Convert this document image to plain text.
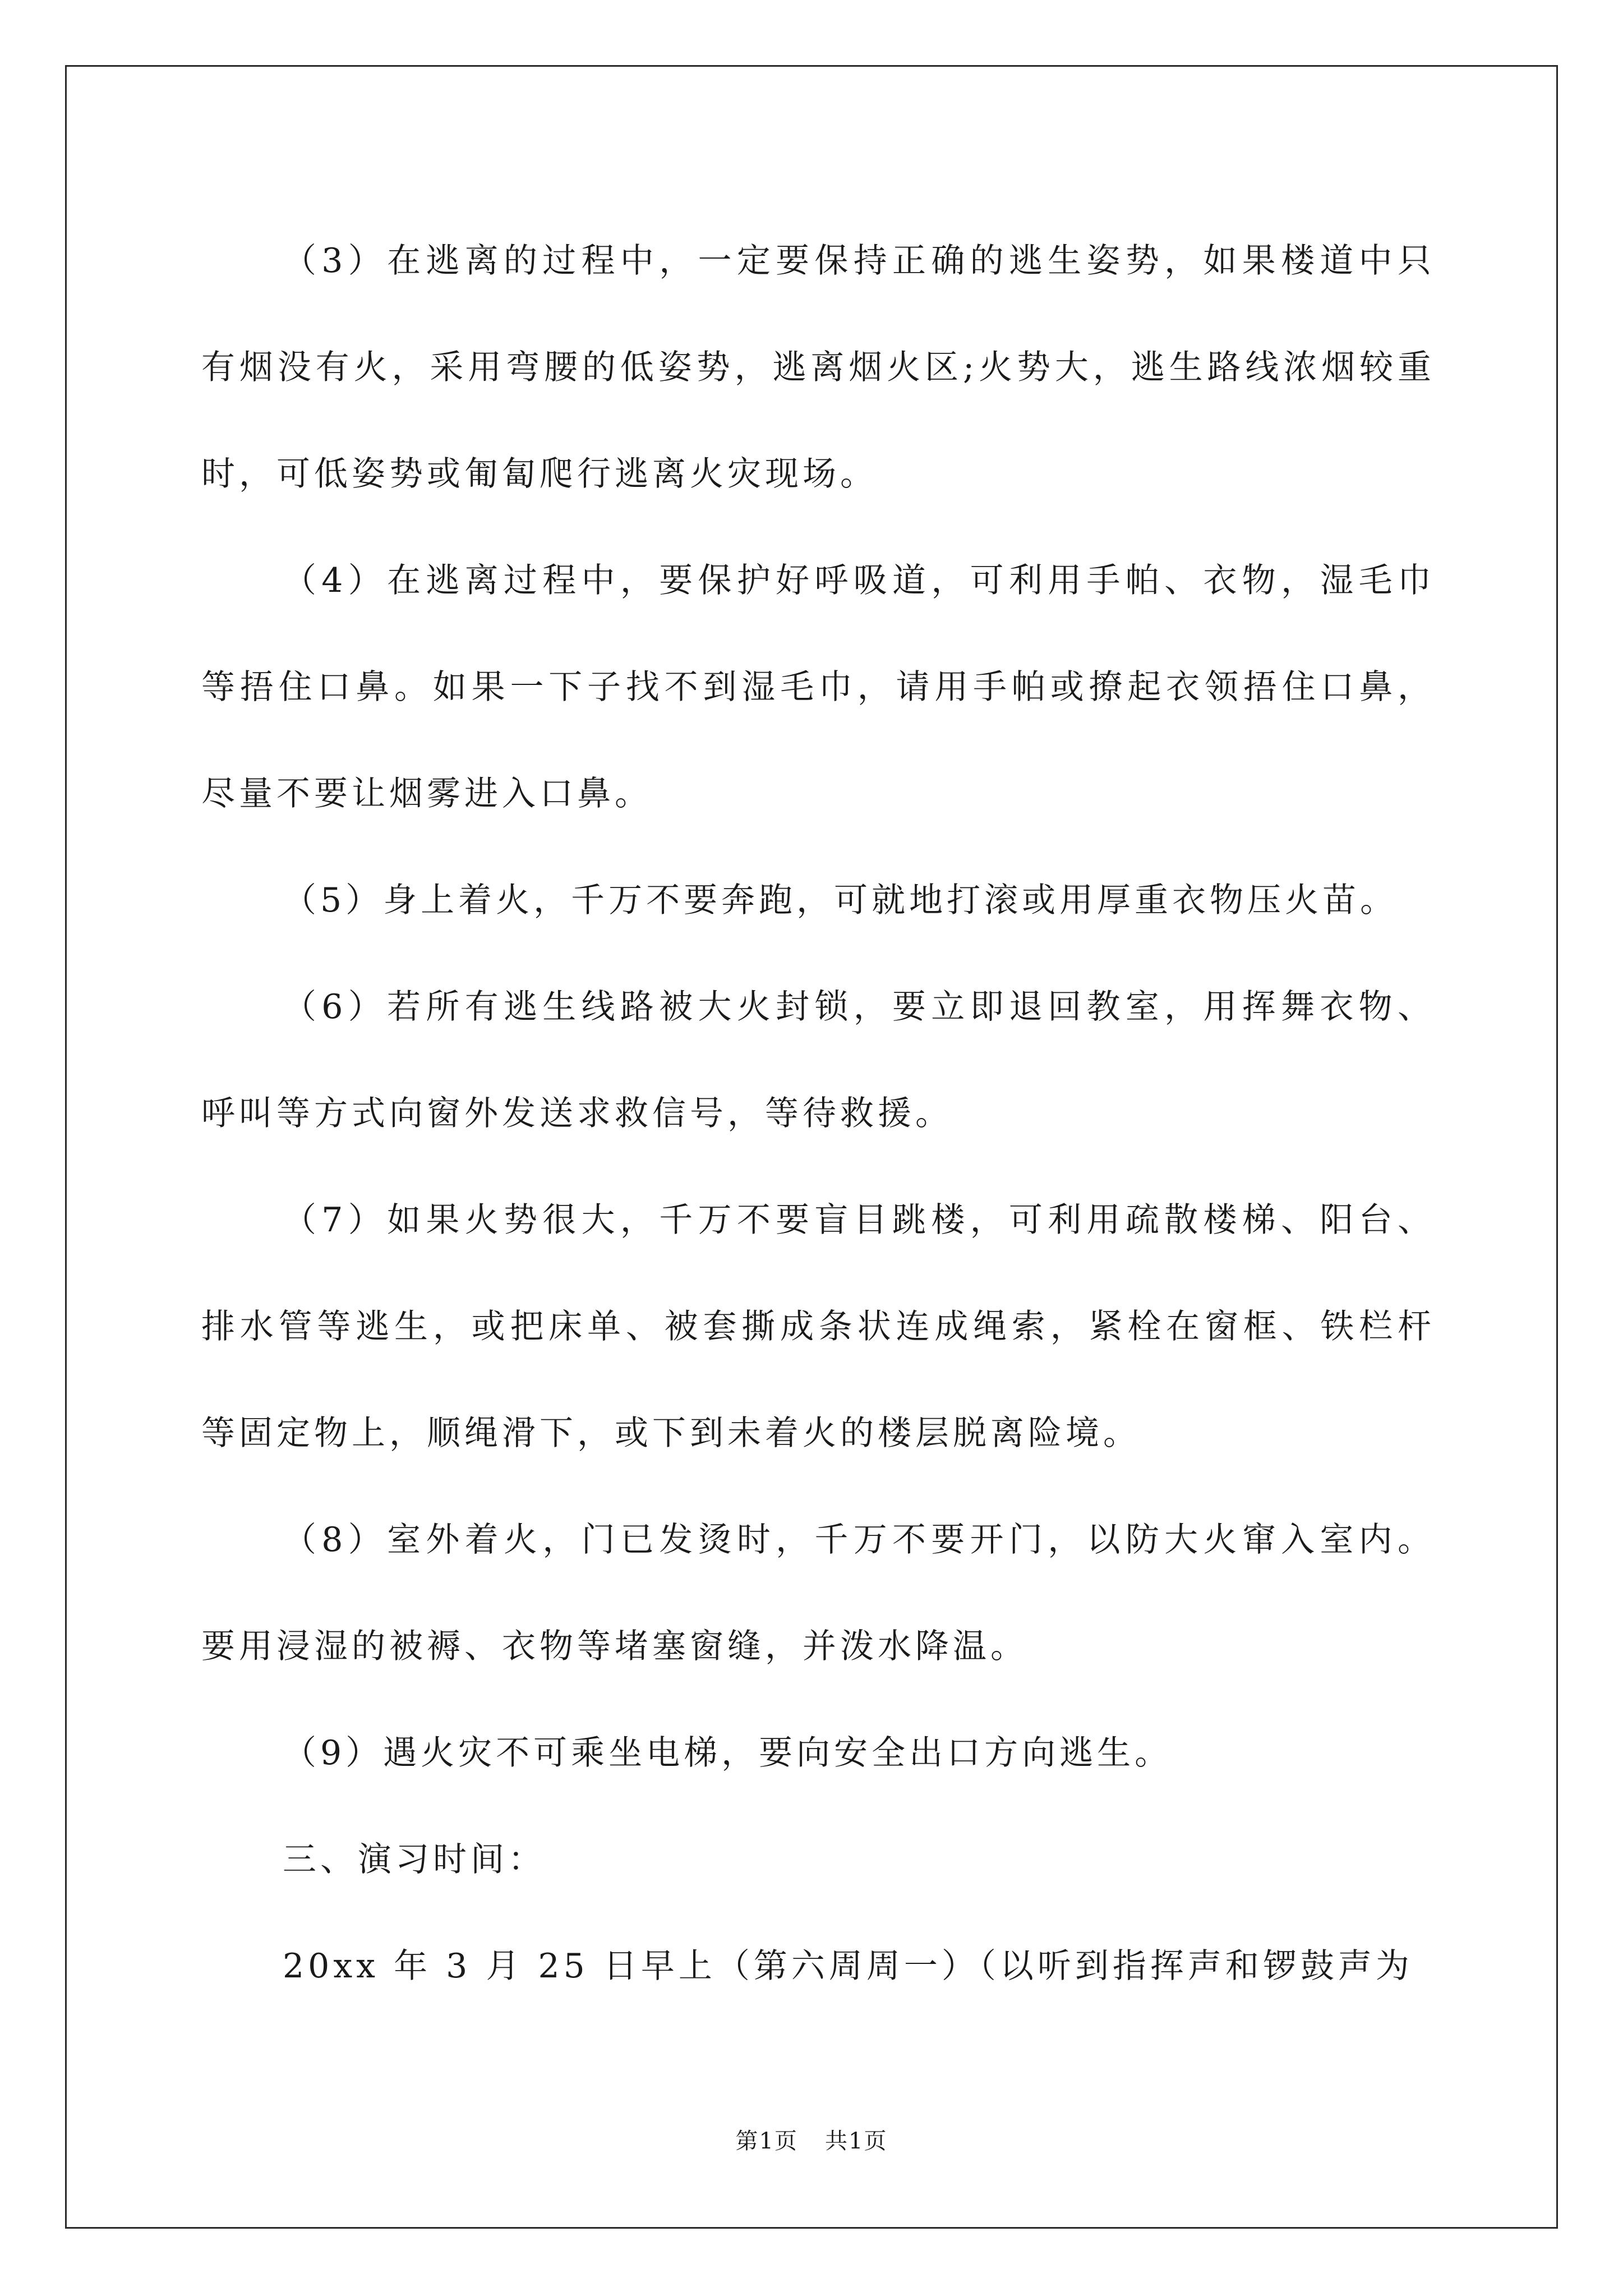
（3）在逃离的过程中，一定要保持正确的逃生姿势，如果楼道中只有烟没有火，采用弯腰的低姿势，逃离烟火区;火势大，逃生路线浓烟较重时，可低姿势或匍匐爬行逃离火灾现场。

（4）在逃离过程中，要保护好呼吸道，可利用手帕、衣物，湿毛巾等捂住口鼻。如果一下子找不到湿毛巾，请用手帕或撩起衣领捂住口鼻，尽量不要让烟雾进入口鼻。

（5）身上着火，千万不要奔跑，可就地打滚或用厚重衣物压火苗。

（6）若所有逃生线路被大火封锁，要立即退回教室，用挥舞衣物、呼叫等方式向窗外发送求救信号，等待救援。

（7）如果火势很大，千万不要盲目跳楼，可利用疏散楼梯、阳台、排水管等逃生，或把床单、被套撕成条状连成绳索，紧栓在窗框、铁栏杆等固定物上，顺绳滑下，或下到未着火的楼层脱离险境。

（8）室外着火，门已发烫时，千万不要开门，以防大火窜入室内。要用浸湿的被褥、衣物等堵塞窗缝，并泼水降温。

（9）遇火灾不可乘坐电梯，要向安全出口方向逃生。

三、演习时间：

20xx 年 3 月 25 日早上（第六周周一）（以听到指挥声和锣鼓声为

第1页 共1页
